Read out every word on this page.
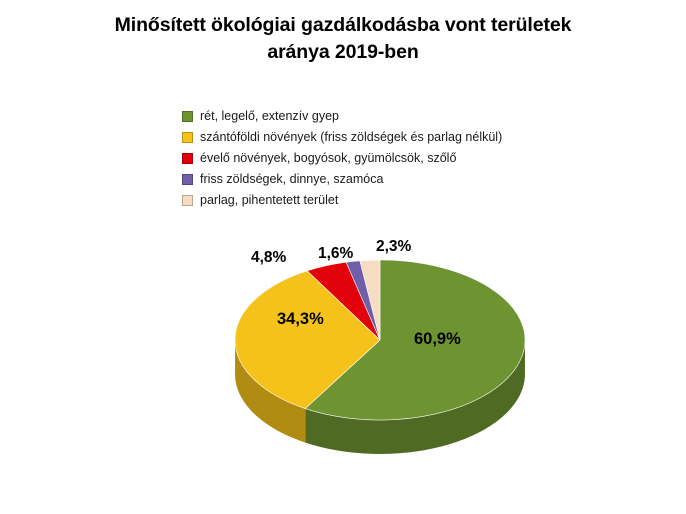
Minősített ökológiai gazdálkodásba vont területek
aránya 2019-ben
rét, legelő, extenzív gyep
szántóföldi növények (friss zöldségek és parlag nélkül)
évelő növények, bogyósok, gyümölcsök, szőlő
friss zöldségek, dinnye, szamóca
parlag, pihentetett terület
60,9%
34,3%
4,8% 1,6% 2,3%
